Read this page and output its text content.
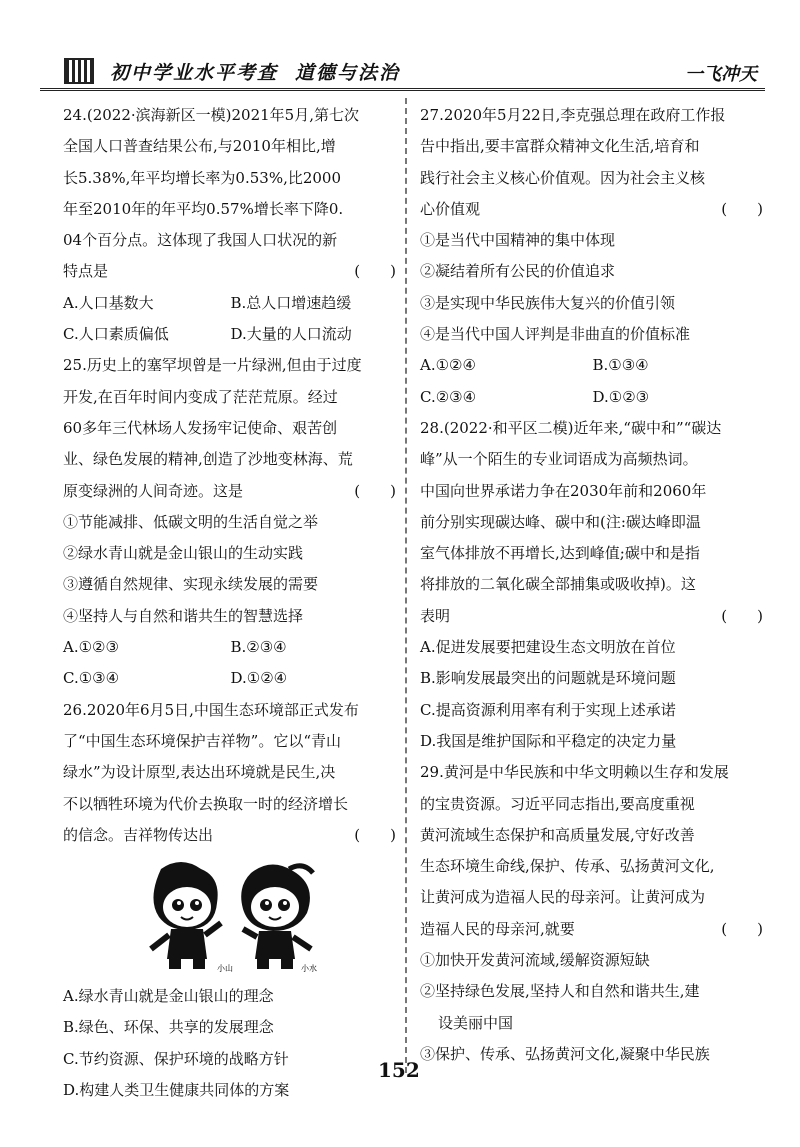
初中学业水平考查 道德与法治	一飞冲天
24.(2022·滨海新区一模)2021年5月,第七次
全国人口普查结果公布,与2010年相比,增
长5.38%,年平均增长率为0.53%,比2000
年至2010年的年平均0.57%增长率下降0.
04个百分点。这体现了我国人口状况的新
特点是	(　　)
A.人口基数大	B.总人口增速趋缓
C.人口素质偏低	D.大量的人口流动
25.历史上的塞罕坝曾是一片绿洲,但由于过度
开发,在百年时间内变成了茫茫荒原。经过
60多年三代林场人发扬牢记使命、艰苦创
业、绿色发展的精神,创造了沙地变林海、荒
原变绿洲的人间奇迹。这是	(　　)
①节能减排、低碳文明的生活自觉之举
②绿水青山就是金山银山的生动实践
③遵循自然规律、实现永续发展的需要
④坚持人与自然和谐共生的智慧选择
A.①②③	B.②③④
C.①③④	D.①②④
26.2020年6月5日,中国生态环境部正式发布
了“中国生态环境保护吉祥物”。它以“青山
绿水”为设计原型,表达出环境就是民生,决
不以牺牲环境为代价去换取一时的经济增长
的信念。吉祥物传达出	(　　)
小山	小水
A.绿水青山就是金山银山的理念
B.绿色、环保、共享的发展理念
C.节约资源、保护环境的战略方针
D.构建人类卫生健康共同体的方案
27.2020年5月22日,李克强总理在政府工作报
告中指出,要丰富群众精神文化生活,培育和
践行社会主义核心价值观。因为社会主义核
心价值观	(　　)
①是当代中国精神的集中体现
②凝结着所有公民的价值追求
③是实现中华民族伟大复兴的价值引领
④是当代中国人评判是非曲直的价值标准
A.①②④	B.①③④
C.②③④	D.①②③
28.(2022·和平区二模)近年来,“碳中和”“碳达
峰”从一个陌生的专业词语成为高频热词。
中国向世界承诺力争在2030年前和2060年
前分别实现碳达峰、碳中和(注:碳达峰即温
室气体排放不再增长,达到峰值;碳中和是指
将排放的二氧化碳全部捕集或吸收掉)。这
表明	(　　)
A.促进发展要把建设生态文明放在首位
B.影响发展最突出的问题就是环境问题
C.提高资源利用率有利于实现上述承诺
D.我国是维护国际和平稳定的决定力量
29.黄河是中华民族和中华文明赖以生存和发展
的宝贵资源。习近平同志指出,要高度重视
黄河流域生态保护和高质量发展,守好改善
生态环境生命线,保护、传承、弘扬黄河文化,
让黄河成为造福人民的母亲河。让黄河成为
造福人民的母亲河,就要	(　　)
①加快开发黄河流域,缓解资源短缺
②坚持绿色发展,坚持人和自然和谐共生,建
设美丽中国
③保护、传承、弘扬黄河文化,凝聚中华民族
152
